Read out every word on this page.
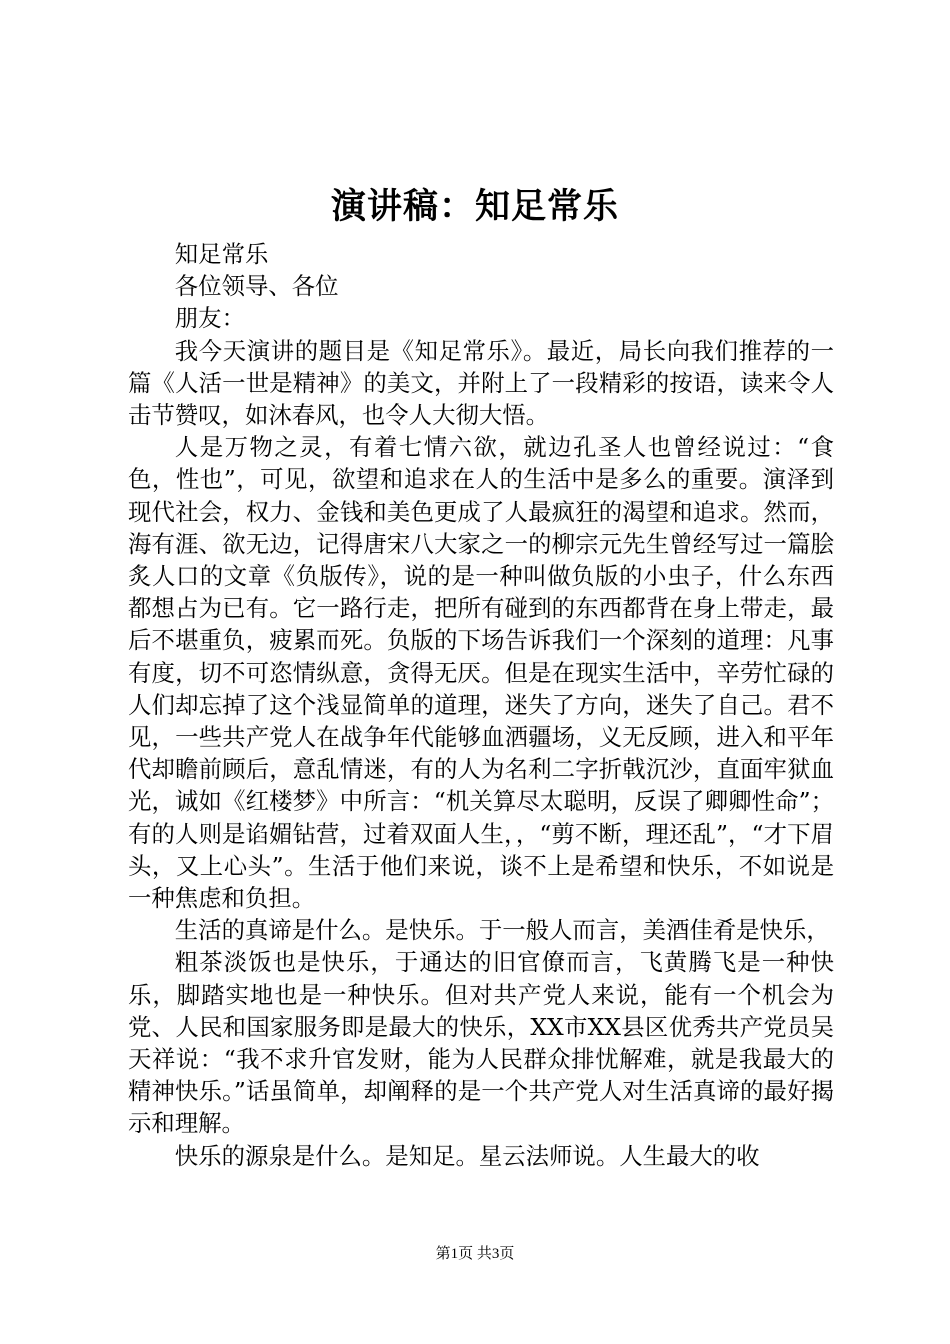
演讲稿：知足常乐

知足常乐

各位领导、各位

朋友：

我今天演讲的题目是《知足常乐》。最近，局长向我们推荐的一篇《人活一世是精神》的美文，并附上了一段精彩的按语，读来令人击节赞叹，如沐春风，也令人大彻大悟。

人是万物之灵，有着七情六欲，就边孔圣人也曾经说过：“食色，性也”，可见，欲望和追求在人的生活中是多么的重要。演泽到现代社会，权力、金钱和美色更成了人最疯狂的渴望和追求。然而，海有涯、欲无边，记得唐宋八大家之一的柳宗元先生曾经写过一篇脍炙人口的文章《负版传》，说的是一种叫做负版的小虫子，什么东西都想占为已有。它一路行走，把所有碰到的东西都背在身上带走，最后不堪重负，疲累而死。负版的下场告诉我们一个深刻的道理：凡事有度，切不可恣情纵意，贪得无厌。但是在现实生活中，辛劳忙碌的人们却忘掉了这个浅显简单的道理，迷失了方向，迷失了自己。君不见，一些共产党人在战争年代能够血洒疆场，义无反顾，进入和平年代却瞻前顾后，意乱情迷，有的人为名利二字折戟沉沙，直面牢狱血光，诚如《红楼梦》中所言：“机关算尽太聪明，反误了卿卿性命”；有的人则是谄媚钻营，过着双面人生，，“剪不断，理还乱”，“才下眉头，又上心头”。生活于他们来说，谈不上是希望和快乐，不如说是一种焦虑和负担。

生活的真谛是什么。是快乐。于一般人而言，美酒佳肴是快乐，

粗茶淡饭也是快乐，于通达的旧官僚而言，飞黄腾飞是一种快乐，脚踏实地也是一种快乐。但对共产党人来说，能有一个机会为党、人民和国家服务即是最大的快乐，XX市XX县区优秀共产党员吴天祥说：“我不求升官发财，能为人民群众排忧解难，就是我最大的精神快乐。”话虽简单，却阐释的是一个共产党人对生活真谛的最好揭示和理解。

快乐的源泉是什么。是知足。星云法师说。人生最大的收

第1页 共3页
